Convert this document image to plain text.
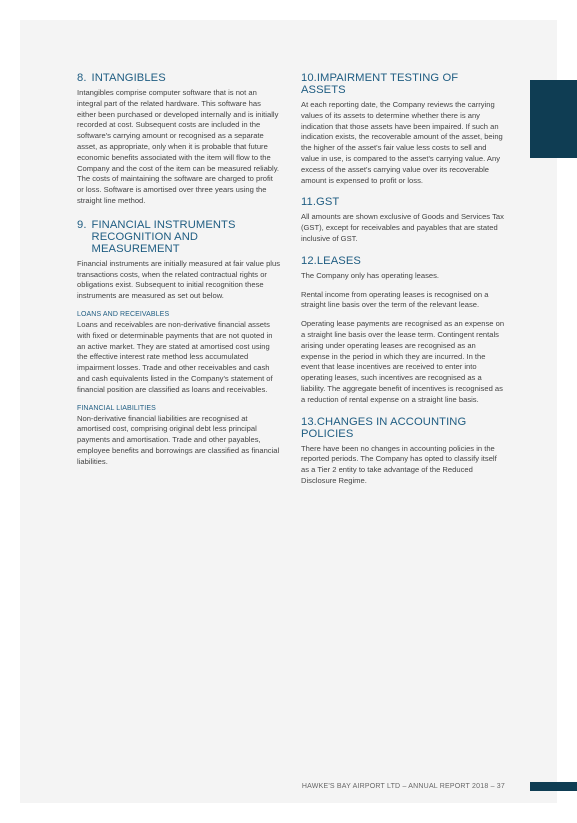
8. INTANGIBLES

Intangibles comprise computer software that is not an integral part of the related hardware. This software has either been purchased or developed internally and is initially recorded at cost. Subsequent costs are included in the software's carrying amount or recognised as a separate asset, as appropriate, only when it is probable that future economic benefits associated with the item will flow to the Company and the cost of the item can be measured reliably. The costs of maintaining the software are charged to profit or loss. Software is amortised over three years using the straight line method.

9. FINANCIAL INSTRUMENTS RECOGNITION AND MEASUREMENT

Financial instruments are initially measured at fair value plus transactions costs, when the related contractual rights or obligations exist. Subsequent to initial recognition these instruments are measured as set out below.

LOANS AND RECEIVABLES

Loans and receivables are non-derivative financial assets with fixed or determinable payments that are not quoted in an active market. They are stated at amortised cost using the effective interest rate method less accumulated impairment losses. Trade and other receivables and cash and cash equivalents listed in the Company's statement of financial position are classified as loans and receivables.

FINANCIAL LIABILITIES

Non-derivative financial liabilities are recognised at amortised cost, comprising original debt less principal payments and amortisation. Trade and other payables, employee benefits and borrowings are classified as financial liabilities.

10.IMPAIRMENT TESTING OF ASSETS

At each reporting date, the Company reviews the carrying values of its assets to determine whether there is any indication that those assets have been impaired. If such an indication exists, the recoverable amount of the asset, being the higher of the asset's fair value less costs to sell and value in use, is compared to the asset's carrying value. Any excess of the asset's carrying value over its recoverable amount is expensed to profit or loss.

11.GST

All amounts are shown exclusive of Goods and Services Tax (GST), except for receivables and payables that are stated inclusive of GST.

12.LEASES

The Company only has operating leases.

Rental income from operating leases is recognised on a straight line basis over the term of the relevant lease.

Operating lease payments are recognised as an expense on a straight line basis over the lease term. Contingent rentals arising under operating leases are recognised as an expense in the period in which they are incurred. In the event that lease incentives are received to enter into operating leases, such incentives are recognised as a liability. The aggregate benefit of incentives is recognised as a reduction of rental expense on a straight line basis.

13.CHANGES IN ACCOUNTING POLICIES

There have been no changes in accounting policies in the reported periods. The Company has opted to classify itself as a Tier 2 entity to take advantage of the Reduced Disclosure Regime.

HAWKE'S BAY AIRPORT LTD – ANNUAL REPORT 2018 – 37
